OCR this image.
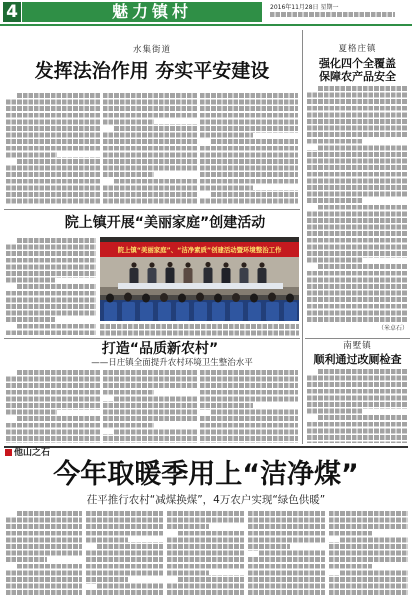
4	魅力镇村	2016年11月28日 星期一
水集街道
发挥法治作用 夯实平安建设
院上镇开展“美丽家庭”创建活动
院上镇“美丽家庭”、“洁净素质”创建活动暨环境整治工作
打造“品质新农村”
——日庄镇全面提升农村环境卫生整治水平
夏格庄镇
强化四个全覆盖
保障农产品安全
（米卓石）
南墅镇
顺利通过改厕检查
他山之石
今年取暖季用上“洁净煤”
茌平推行农村“减煤换煤”，4万农户实现“绿色供暖”
